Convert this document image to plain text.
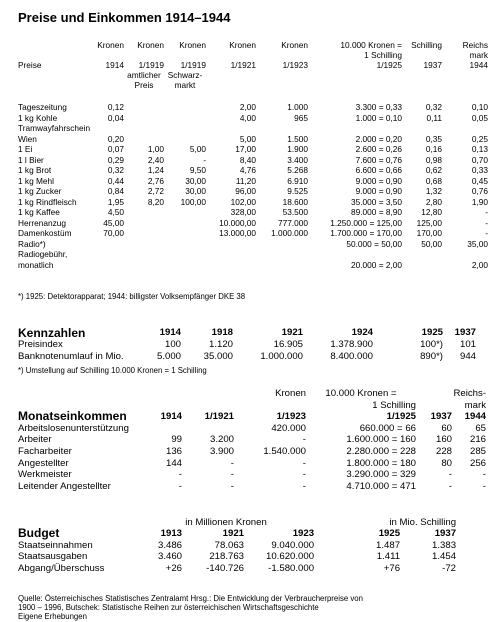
Preise und Einkommen 1914–1944
	Kronen	Kronen	Kronen	Kronen	Kronen	10.000 Kronen =	Schilling	Reichs
						1 Schilling		mark
Preise	1914	1/1919	1/1919	1/1921	1/1923	1/1925	1937	1944
		amtlicher	Schwarz-					
		Preis	markt					

Tageszeitung	0,12			2,00	1.000	3.300 = 0,33	0,32	0,10
1 kg Kohle	0,04			4,00	965	1.000 = 0,10	0,11	0,05
Tramwayfahrschein								
Wien	0,20			5,00	1.500	2.000 = 0,20	0,35	0,25
1 Ei	0,07	1,00	5,00	17,00	1.900	2.600 = 0,26	0,16	0,13
1 l Bier	0,29	2,40	-	8,40	3.400	7.600 = 0,76	0,98	0,70
1 kg Brot	0,32	1,24	9,50	4,76	5.268	6.600 = 0,66	0,62	0,33
1 kg Mehl	0,44	2,76	30,00	11,20	6.910	9.000 = 0,90	0,68	0,45
1 kg Zucker	0,84	2,72	30,00	96,00	9.525	9.000 = 0,90	1,32	0,76
1 kg Rindfleisch	1,95	8,20	100,00	102,00	18.600	35.000 = 3,50	2,80	1,90
1 kg Kaffee	4,50			328,00	53.500	89.000 = 8,90	12,80	-
Herrenanzug	45,00			10.000,00	777.000	1.250.000 = 125,00	125,00	-
Damenkostüm	70,00			13.000,00	1.000.000	1.700.000 = 170,00	170,00	-
Radio*)						50.000 = 50,00	50,00	35,00
Radiogebühr,								
monatlich						20.000 = 2,00		2,00
*) 1925: Detektorapparat; 1944: billigster Volksempfänger DKE 38
Kennzahlen	1914	1918	1921	1924	1925	1937
Preisindex	100	1.120	16.905	1.378.900	100*)	101
Banknotenumlauf in Mio.	5.000	35.000	1.000.000	8.400.000	890*)	944
*) Umstellung auf Schilling 10.000 Kronen = 1 Schilling
			Kronen	10.000 Kronen =		Reichs-
				1 Schilling		mark
Monatseinkommen	1914	1/1921	1/1923	1/1925	1937	1944
Arbeitslosenunterstützung			420.000	660.000 = 66	60	65
Arbeiter	99	3.200	-	1.600.000 = 160	160	216
Facharbeiter	136	3.900	1.540.000	2.280.000 = 228	228	285
Angestellter	144	-	-	1.800.000 = 180	80	256
Werkmeister	-	-	-	3.290.000 = 329	-	-
Leitender Angestellter	-	-	-	4.710.000 = 471	-	-
	in Millionen Kronen			in Mio. Schilling		
Budget	1913	1921	1923	1925	1937	
Staatseinnahmen	3.486	78.063	9.040.000	1.487	1.383	
Staatsausgaben	3.460	218.763	10.620.000	1.411	1.454	
Abgang/Überschuss	+26	-140.726	-1.580.000	+76	-72	
Quelle: Österreichisches Statistisches Zentralamt Hrsg.: Die Entwicklung der Verbraucherpreise von
1900 – 1996, Butschek: Statistische Reihen zur österreichischen Wirtschaftsgeschichte
Eigene Erhebungen
